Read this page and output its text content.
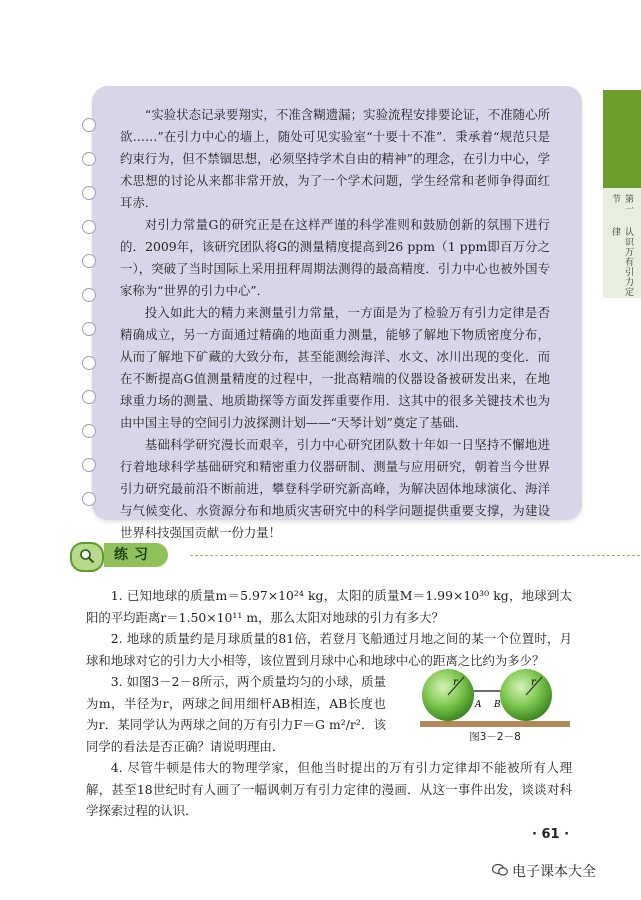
第一节
认识万有引力定律

“实验状态记录要翔实，不准含糊遗漏；实验流程安排要论证，不准随心所欲……”在引力中心的墙上，随处可见实验室“十要十不准”．秉承着“规范只是约束行为，但不禁锢思想，必须坚持学术自由的精神”的理念，在引力中心，学术思想的讨论从来都非常开放，为了一个学术问题，学生经常和老师争得面红耳赤．

对引力常量G的研究正是在这样严谨的科学准则和鼓励创新的氛围下进行的．2009年，该研究团队将G的测量精度提高到26 ppm（1 ppm即百万分之一），突破了当时国际上采用扭秤周期法测得的最高精度．引力中心也被外国专家称为“世界的引力中心”．

投入如此大的精力来测量引力常量，一方面是为了检验万有引力定律是否精确成立，另一方面通过精确的地面重力测量，能够了解地下物质密度分布，从而了解地下矿藏的大致分布，甚至能测绘海洋、水文、冰川出现的变化．而在不断提高G值测量精度的过程中，一批高精端的仪器设备被研发出来，在地球重力场的测量、地质勘探等方面发挥重要作用．这其中的很多关键技术也为由中国主导的空间引力波探测计划——“天琴计划”奠定了基础．

基础科学研究漫长而艰辛，引力中心研究团队数十年如一日坚持不懈地进行着地球科学基础研究和精密重力仪器研制、测量与应用研究，朝着当今世界引力研究最前沿不断前进，攀登科学研究新高峰，为解决固体地球演化、海洋与气候变化、水资源分布和地质灾害研究中的科学问题提供重要支撑，为建设世界科技强国贡献一份力量！

练习

1. 已知地球的质量m＝5.97×10²⁴ kg，太阳的质量M＝1.99×10³⁰ kg，地球到太阳的平均距离r＝1.50×10¹¹ m，那么太阳对地球的引力有多大？

2. 地球的质量约是月球质量的81倍，若登月飞船通过月地之间的某一个位置时，月球和地球对它的引力大小相等，该位置到月球中心和地球中心的距离之比约为多少？

3. 如图3－2－8所示，两个质量均匀的小球，质量为m，半径为r，两球之间用细杆AB相连，AB长度也为r．某同学认为两球之间的万有引力F＝G m²/r²．该同学的看法是否正确？请说明理由．

4. 尽管牛顿是伟大的物理学家，但他当时提出的万有引力定律却不能被所有人理解，甚至18世纪时有人画了一幅讽刺万有引力定律的漫画．从这一事件出发，谈谈对科学探索过程的认识．

r	r
A B
图3－2－8
· 61 ·
电子课本大全
